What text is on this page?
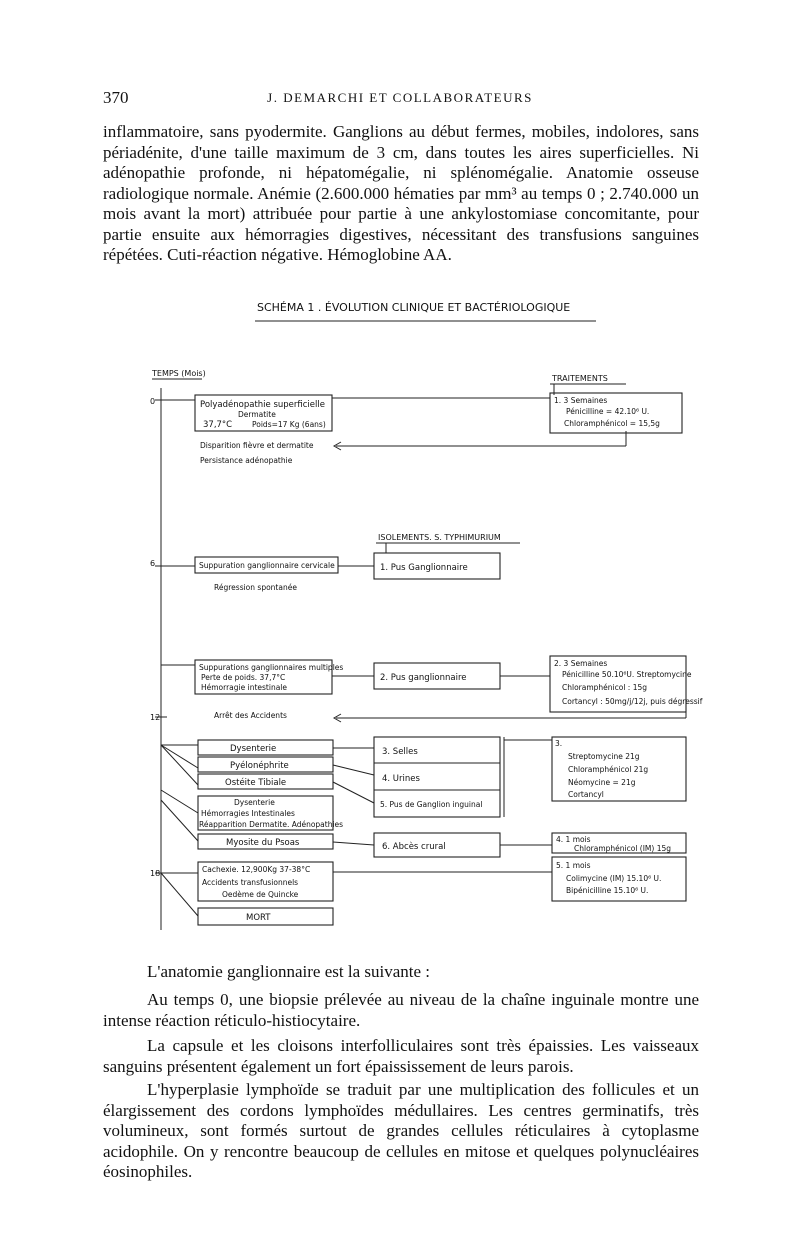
370	J. DEMARCHI ET COLLABORATEURS

inflammatoire, sans pyodermite. Ganglions au début fermes, mobiles, indolores, sans périadénite, d'une taille maximum de 3 cm, dans toutes les aires superficielles. Ni adénopathie profonde, ni hépatomégalie, ni splénomégalie. Anatomie osseuse radiologique normale. Anémie (2.600.000 hématies par mm³ au temps 0 ; 2.740.000 un mois avant la mort) attribuée pour partie à une ankylostomiase concomitante, pour partie ensuite aux hémorragies digestives, nécessitant des transfusions sanguines répétées. Cuti-réaction négative. Hémoglobine AA.

SCHÉMA 1 . ÉVOLUTION CLINIQUE ET BACTÉRIOLOGIQUE
TEMPS (Mois)
0
6
12
18
TRAITEMENTS
Polyadénopathie superficielle
Dermatite
37,7°C	Poids=17 Kg (6ans)
Disparition fièvre et dermatite
Persistance adénopathie
1. 3 Semaines
Pénicilline = 42.10⁶ U.
Chloramphénicol = 15,5g
ISOLEMENTS. S. TYPHIMURIUM
Suppuration ganglionnaire cervicale
Régression spontanée
1. Pus Ganglionnaire
Suppurations ganglionnaires multiples
Perte de poids. 37,7°C
Hémorragie intestinale
2. Pus ganglionnaire
Arrêt des Accidents
2. 3 Semaines
Pénicilline 50.10⁶U. Streptomycine
Chloramphénicol : 15g
Cortancyl : 50mg/j/12j, puis dégressif
Dysenterie
Pyélonéphrite
Ostéite Tibiale
3. Selles
4. Urines
5. Pus de Ganglion inguinal
3.
Streptomycine 21g
Chloramphénicol 21g
Néomycine = 21g
Cortancyl
Dysenterie
Hémorragies Intestinales
Réapparition Dermatite. Adénopathies
Myosite du Psoas	6. Abcès crural
4. 1 mois
Chloramphénicol (IM) 15g
Cachexie. 12,900Kg 37-38°C
Accidents transfusionnels
Oedème de Quincke
5. 1 mois
Colimycine (IM) 15.10⁶ U.
Bipénicilline 15.10⁶ U.
MORT

L'anatomie ganglionnaire est la suivante :

Au temps 0, une biopsie prélevée au niveau de la chaîne inguinale montre une intense réaction réticulo-histiocytaire.

La capsule et les cloisons interfolliculaires sont très épaissies. Les vaisseaux sanguins présentent également un fort épaississement de leurs parois.

L'hyperplasie lymphoïde se traduit par une multiplication des follicules et un élargissement des cordons lymphoïdes médullaires. Les centres germinatifs, très volumineux, sont formés surtout de grandes cellules réticulaires à cytoplasme acidophile. On y rencontre beaucoup de cellules en mitose et quelques polynucléaires éosinophiles.
